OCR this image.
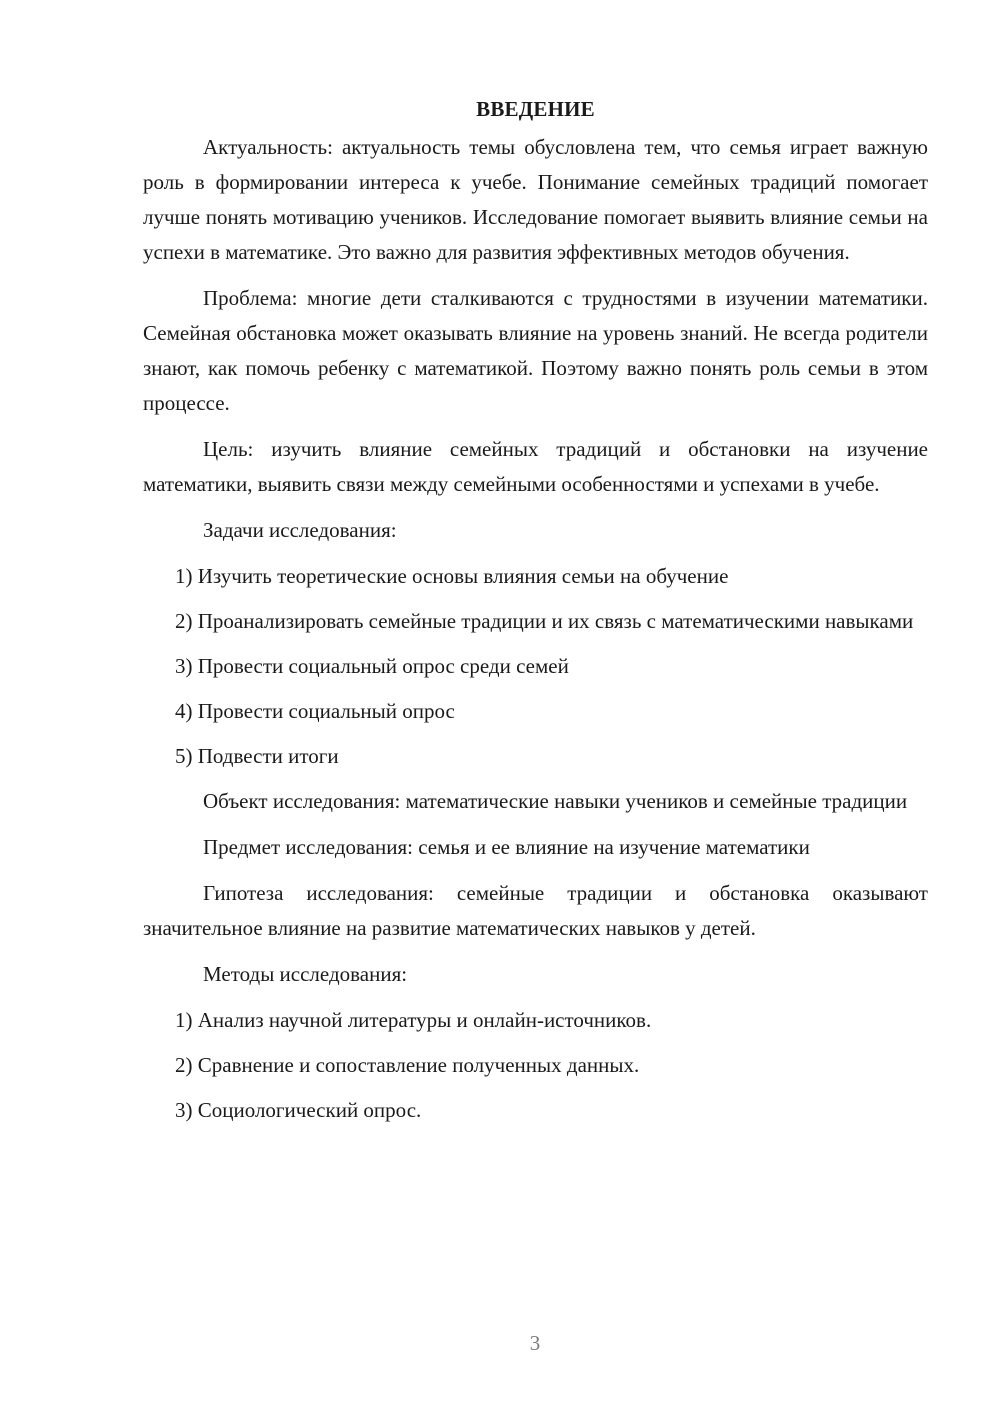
ВВЕДЕНИЕ

Актуальность: актуальность темы обусловлена тем, что семья играет важную роль в формировании интереса к учебе. Понимание семейных традиций помогает лучше понять мотивацию учеников. Исследование помогает выявить влияние семьи на успехи в математике. Это важно для развития эффективных методов обучения.

Проблема: многие дети сталкиваются с трудностями в изучении математики. Семейная обстановка может оказывать влияние на уровень знаний. Не всегда родители знают, как помочь ребенку с математикой. Поэтому важно понять роль семьи в этом процессе.

Цель: изучить влияние семейных традиций и обстановки на изучение математики, выявить связи между семейными особенностями и успехами в учебе.

Задачи исследования:

1) Изучить теоретические основы влияния семьи на обучение

2) Проанализировать семейные традиции и их связь с математическими навыками

3) Провести социальный опрос среди семей

4) Провести социальный опрос

5) Подвести итоги

Объект исследования: математические навыки учеников и семейные традиции

Предмет исследования: семья и ее влияние на изучение математики

Гипотеза исследования: семейные традиции и обстановка оказывают значительное влияние на развитие математических навыков у детей.

Методы исследования:

1) Анализ научной литературы и онлайн-источников.

2) Сравнение и сопоставление полученных данных.

3) Социологический опрос.

3
